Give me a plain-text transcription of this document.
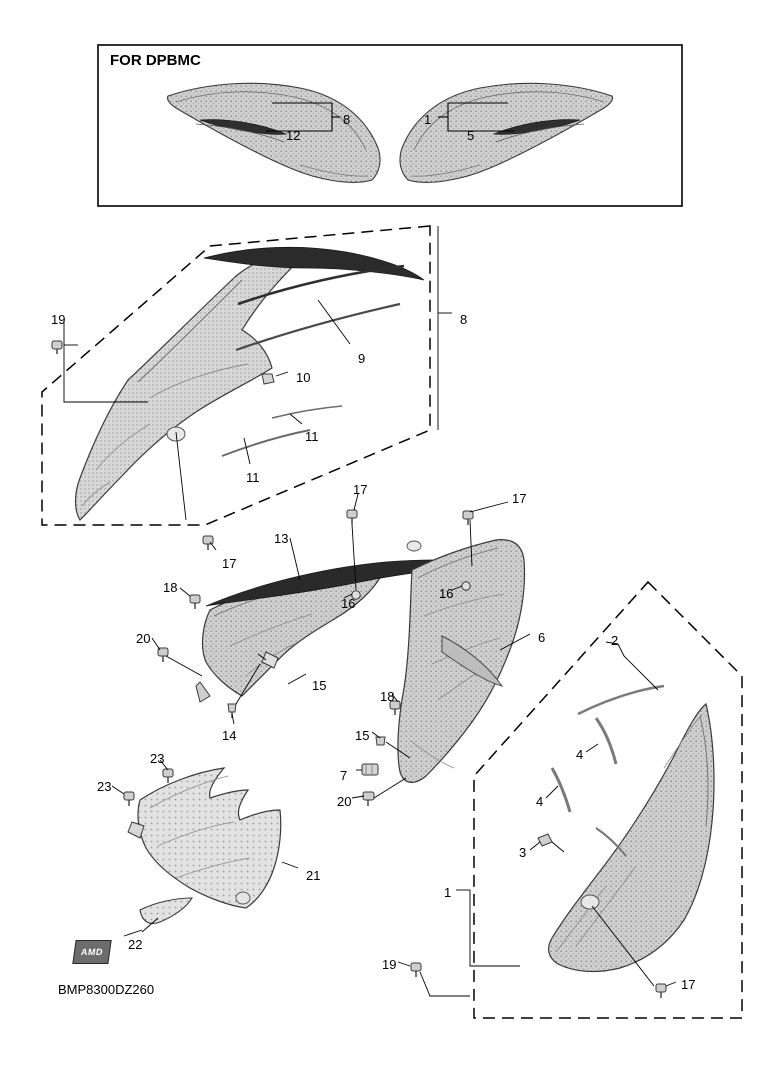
FOR DPBMC
BMP8300DZ260
AMD
8
12
1
5
19	8
9
10
11
11
17
17
17
13
16
16
18
20
15
14
6
18
15
7
20
23
23
21
22
2
4
4
3
1
19
17
